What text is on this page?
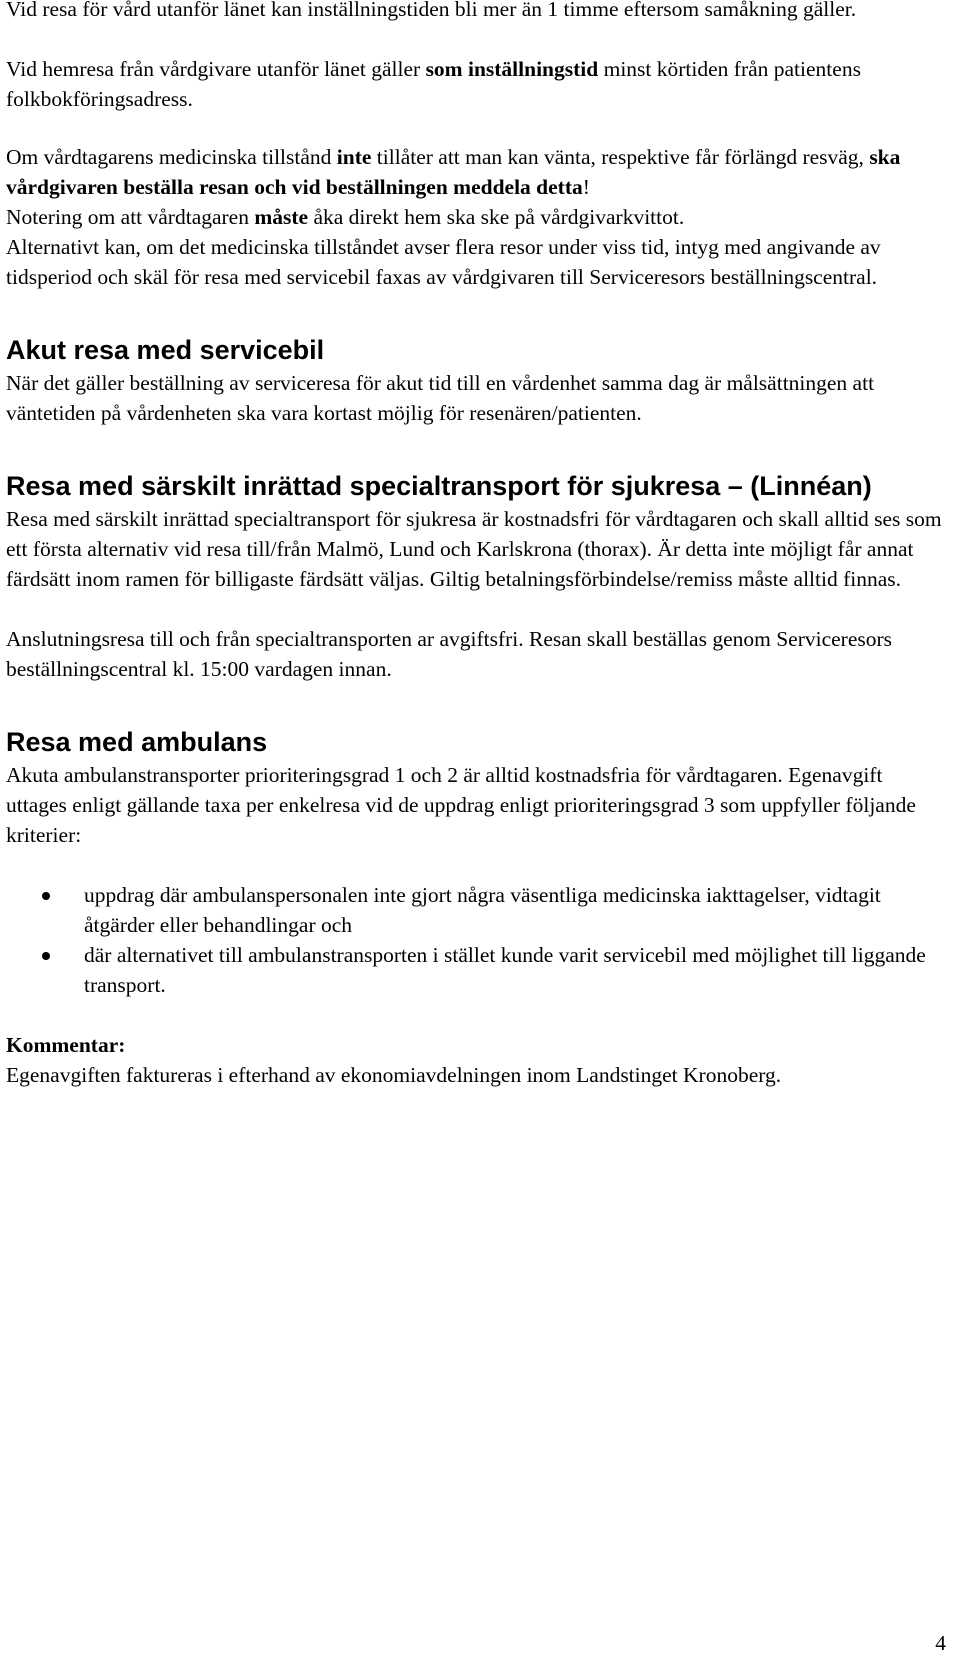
Vid resa för vård utanför länet kan inställningstiden bli mer än 1 timme eftersom samåkning gäller.

Vid hemresa från vårdgivare utanför länet gäller som inställningstid minst körtiden från patientens folkbokföringsadress.

Om vårdtagarens medicinska tillstånd inte tillåter att man kan vänta, respektive får förlängd resväg, ska vårdgivaren beställa resan och vid beställningen meddela detta!

Notering om att vårdtagaren måste åka direkt hem ska ske på vårdgivarkvittot.

Alternativt kan, om det medicinska tillståndet avser flera resor under viss tid, intyg med angivande av tidsperiod och skäl för resa med servicebil faxas av vårdgivaren till Serviceresors beställningscentral.

Akut resa med servicebil

När det gäller beställning av serviceresa för akut tid till en vårdenhet samma dag är målsättningen att väntetiden på vårdenheten ska vara kortast möjlig för resenären/patienten.

Resa med särskilt inrättad specialtransport för sjukresa – (Linnéan)

Resa med särskilt inrättad specialtransport för sjukresa är kostnadsfri för vårdtagaren och skall alltid ses som ett första alternativ vid resa till/från Malmö, Lund och Karlskrona (thorax). Är detta inte möjligt får annat färdsätt inom ramen för billigaste färdsätt väljas. Giltig betalningsförbindelse/remiss måste alltid finnas.

Anslutningsresa till och från specialtransporten ar avgiftsfri. Resan skall beställas genom Serviceresors beställningscentral kl. 15:00 vardagen innan.

Resa med ambulans

Akuta ambulanstransporter prioriteringsgrad 1 och 2 är alltid kostnadsfria för vårdtagaren. Egenavgift uttages enligt gällande taxa per enkelresa vid de uppdrag enligt prioriteringsgrad 3 som uppfyller följande kriterier:

uppdrag där ambulanspersonalen inte gjort några väsentliga medicinska iakttagelser, vidtagit åtgärder eller behandlingar och
där alternativet till ambulanstransporten i stället kunde varit servicebil med möjlighet till liggande transport.

Kommentar:

Egenavgiften faktureras i efterhand av ekonomiavdelningen inom Landstinget Kronoberg.

4
